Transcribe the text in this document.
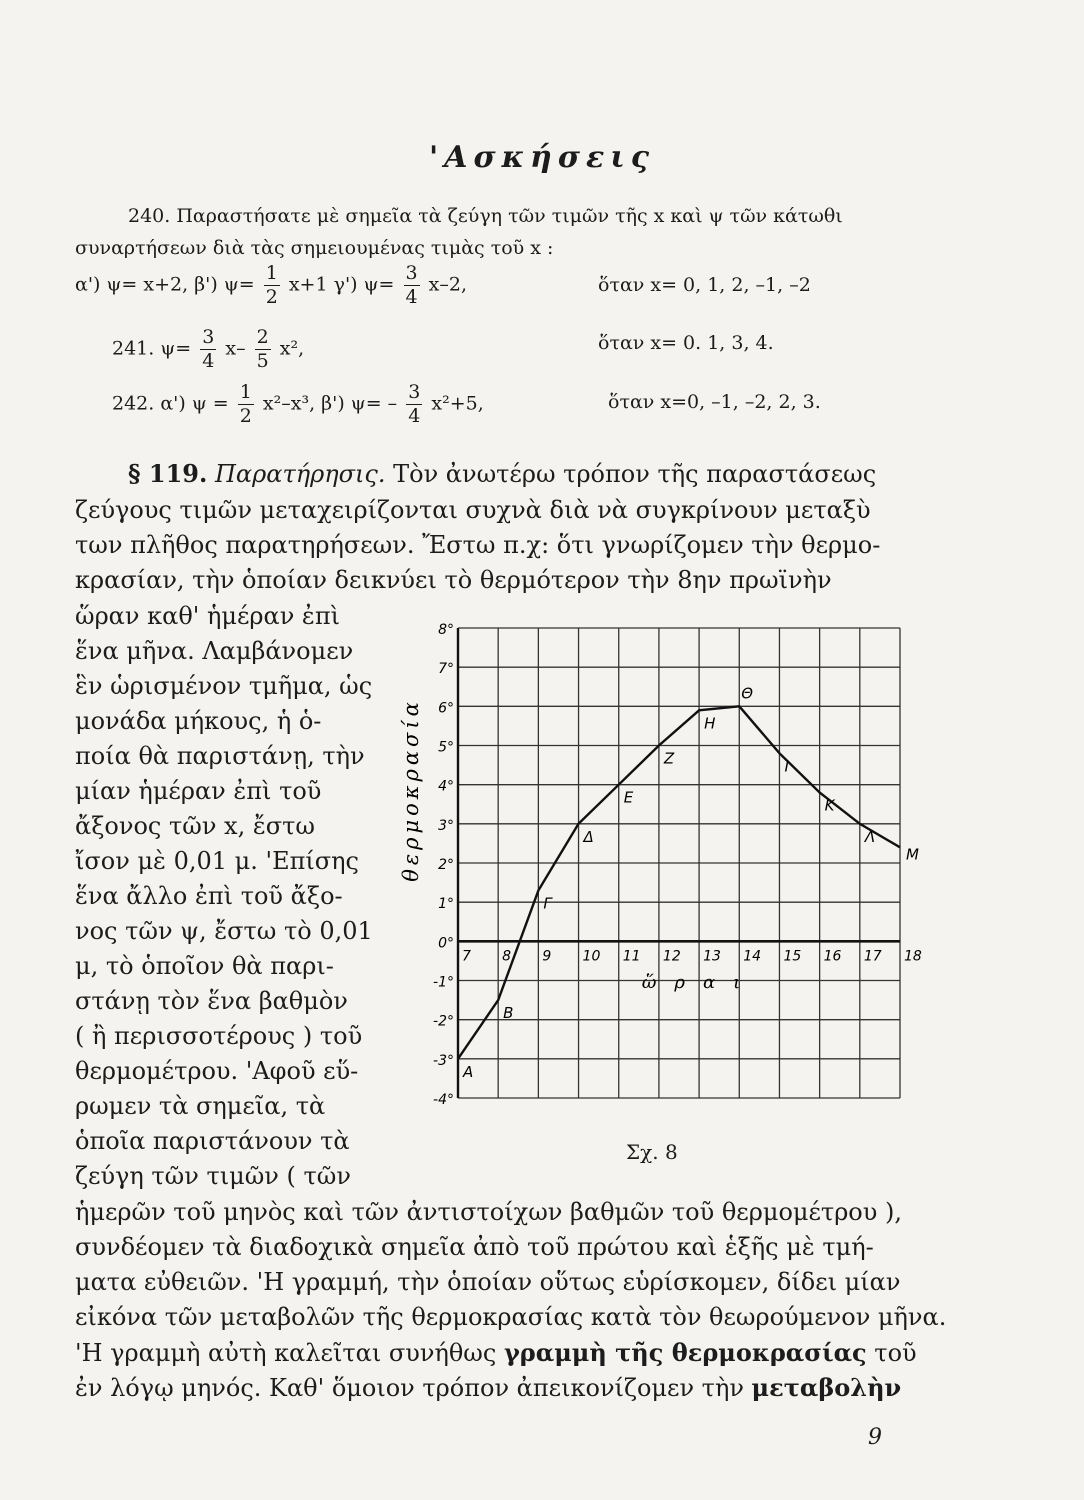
'Ασκήσεις
240. Παραστήσατε μὲ σημεῖα τὰ ζεύγη τῶν τιμῶν τῆς x καὶ ψ τῶν κάτωθι
συναρτήσεων διὰ τὰς σημειουμένας τιμὰς τοῦ x :
α') ψ= x+2, β') $\psi= \frac{1}{2} x+1$ γ') $\psi= \frac{3}{4} x-2$,	ὅταν x= 0, 1, 2, –1, –2
241. $\psi= \frac{3}{4} x- \frac{2}{5} x^2$,	ὅταν x= 0. 1, 3, 4.
242. α') $\psi = \frac{1}{2} x^2-x^3$, β') $\psi= - \frac{3}{4} x^2+5$,	ὅταν x=0, –1, –2, 2, 3.
§ 119. Παρατήρησις. Τὸν ἀνωτέρω τρόπον τῆς παραστάσεως
ζεύγους τιμῶν μεταχειρίζονται συχνὰ διὰ νὰ συγκρίνουν μεταξὺ
των πλῆθος παρατηρήσεων. Ἔστω π.χ: ὅτι γνωρίζομεν τὴν θερμο-
κρασίαν, τὴν ὁποίαν δεικνύει τὸ θερμότερον τὴν 8ην πρωϊνὴν
ὥραν καθ' ἡμέραν ἐπὶ
ἕνα μῆνα. Λαμβάνομεν
ἓν ὡρισμένον τμῆμα, ὡς
μονάδα μήκους, ἡ ὁ-
ποία θὰ παριστάνῃ, τὴν
μίαν ἡμέραν ἐπὶ τοῦ
ἄξονος τῶν x, ἔστω
ἴσον μὲ 0,01 μ. 'Επίσης
ἕνα ἄλλο ἐπὶ τοῦ ἄξο-
νος τῶν ψ, ἔστω τὸ 0,01
μ, τὸ ὁποῖον θὰ παρι-
στάνῃ τὸν ἕνα βαθμὸν
( ἢ περισσοτέρους ) τοῦ
θερμομέτρου. 'Αφοῦ εὕ-
ρωμεν τὰ σημεῖα, τὰ
ὁποῖα παριστάνουν τὰ
ζεύγη τῶν τιμῶν ( τῶν
Σχ. 8
ἡμερῶν τοῦ μηνὸς καὶ τῶν ἀντιστοίχων βαθμῶν τοῦ θερμομέτρου ),
συνδέομεν τὰ διαδοχικὰ σημεῖα ἀπὸ τοῦ πρώτου καὶ ἑξῆς μὲ τμή-
ματα εὐθειῶν. 'Η γραμμή, τὴν ὁποίαν οὕτως εὑρίσκομεν, δίδει μίαν
εἰκόνα τῶν μεταβολῶν τῆς θερμοκρασίας κατὰ τὸν θεωρούμενον μῆνα.
'Η γραμμὴ αὐτὴ καλεῖται συνήθως γραμμὴ τῆς θερμοκρασίας τοῦ
ἐν λόγῳ μηνός. Καθ' ὅμοιον τρόπον ἀπεικονίζομεν τὴν μεταβολὴν
9
7 8 9 10 11 12 13 14 15 16 17 18
8°
7°
6°
5°
4°
3°
2°
1°
0°
-1°
-2°
-3°
-4°
Α
Β
Γ
Δ
Ε
Ζ
Η
Θ
Ι
Κ
Λ
Μ
θερμοκρασία
ὥραι
